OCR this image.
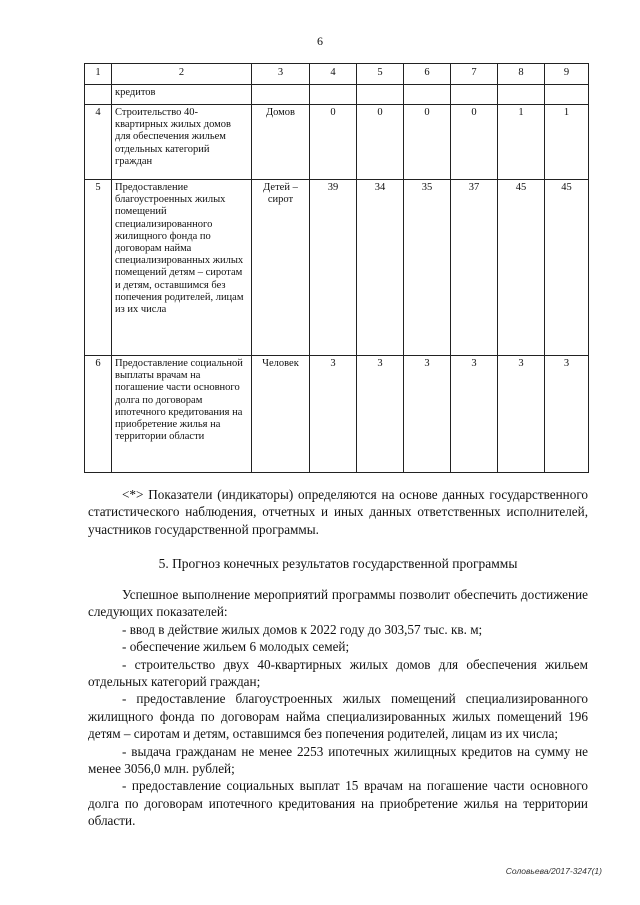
6
1	2	3	4	5	6	7	8	9
	кредитов							
4	Строительство 40-квартирных жилых домов для обеспечения жильем отдельных категорий граждан	Домов	0	0	0	0	1	1
5	Предоставление благоустроенных жилых помещений специализированного жилищного фонда по договорам найма специализированных жилых помещений детям – сиротам и детям, оставшимся без попечения родителей, лицам из их числа	Детей – сирот	39	34	35	37	45	45
6	Предоставление социальной выплаты врачам на погашение части основного долга по договорам ипотечного кредитования на приобретение жилья на территории области	Человек	3	3	3	3	3	3

<*> Показатели (индикаторы) определяются на основе данных государственного статистического наблюдения, отчетных и иных данных ответственных исполнителей, участников государственной программы.

5. Прогноз конечных результатов государственной программы

Успешное выполнение мероприятий программы позволит обеспечить достижение следующих показателей:

- ввод в действие жилых домов к 2022 году до 303,57 тыс. кв. м;

- обеспечение жильем 6 молодых семей;

- строительство двух 40-квартирных жилых домов для обеспечения жильем отдельных категорий граждан;

- предоставление благоустроенных жилых помещений специализированного жилищного фонда по договорам найма специализированных жилых помещений 196 детям – сиротам и детям, оставшимся без попечения родителей, лицам из их числа;

- выдача гражданам не менее 2253 ипотечных жилищных кредитов на сумму не менее 3056,0 млн. рублей;

- предоставление социальных выплат 15 врачам на погашение части основного долга по договорам ипотечного кредитования на приобретение жилья на территории области.

Соловьева/2017-3247(1)
